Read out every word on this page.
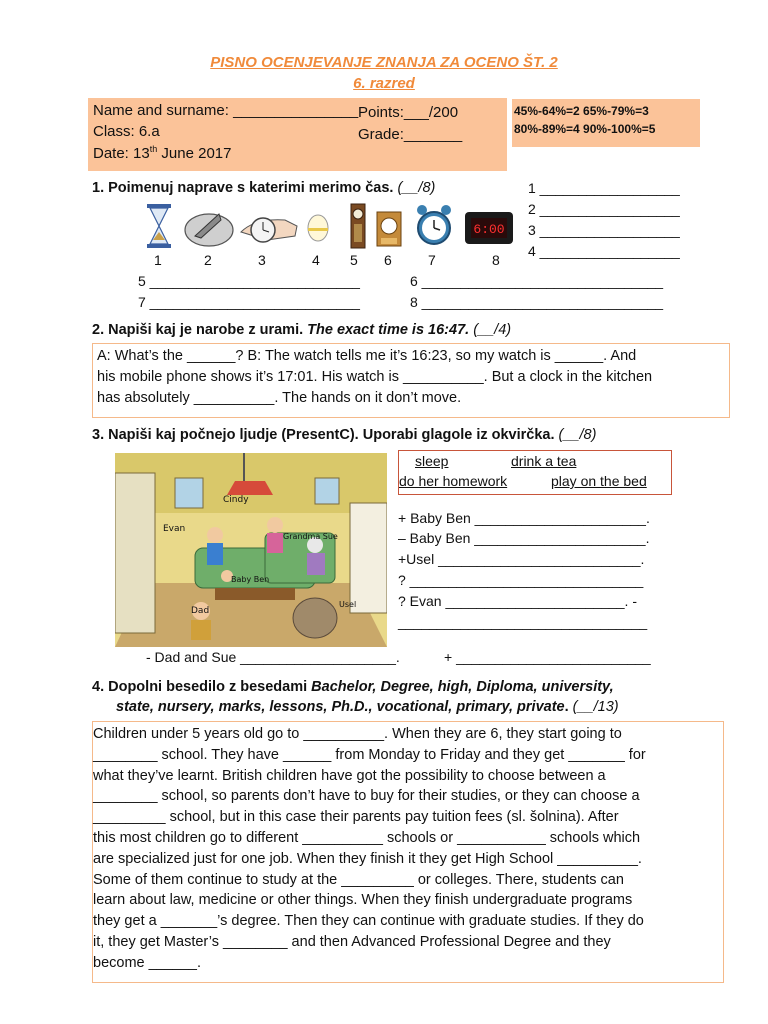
PISNO OCENJEVANJE ZNANJA ZA OCENO ŠT. 2
6. razred
Name and surname: _______________ Points:___/200
Class: 6.a	Grade:_______
Date: 13th June 2017
45%-64%=2 65%-79%=3
80%-89%=4 90%-100%=5
1. Poimenuj naprave s katerimi merimo čas. (__/8)
6:00
1	2	3	4 5 6	7	8
1 __________________
2 __________________
3 __________________
4 __________________
5 ___________________________
7 ___________________________
6 _______________________________
8 _______________________________
2. Napiši kaj je narobe z urami. The exact time is 16:47. (__/4)
A: What’s the ______? B: The watch tells me it’s 16:23, so my watch is ______. And
his mobile phone shows it’s 17:01. His watch is __________. But a clock in the kitchen
has absolutely __________. The hands on it don’t move.
3. Napiši kaj počnejo ljudje (PresentC). Uporabi glagole iz okvirčka. (__/8)
Cindy
Evan
Grandma Sue
Baby Ben
Dad
Usel
sleep	drink a tea
do her homework	play on the bed
+ Baby Ben ______________________.
– Baby Ben ______________________.
+Usel __________________________.
? ______________________________
? Evan _______________________. -
________________________________
- Dad and Sue ____________________.	+ _________________________
4. Dopolni besedilo z besedami Bachelor, Degree, high, Diploma, university,
state, nursery, marks, lessons, Ph.D., vocational, primary, private. (__/13)
Children under 5 years old go to __________. When they are 6, they start going to
________ school. They have ______ from Monday to Friday and they get _______ for
what they’ve learnt. British children have got the possibility to choose between a
________ school, so parents don’t have to buy for their studies, or they can choose a
_________ school, but in this case their parents pay tuition fees (sl. šolnina). After
this most children go to different __________ schools or ___________ schools which
are specialized just for one job. When they finish it they get High School __________.
Some of them continue to study at the _________ or colleges. There, students can
learn about law, medicine or other things. When they finish undergraduate programs
they get a _______’s degree. Then they can continue with graduate studies. If they do
it, they get Master’s ________ and then Advanced Professional Degree and they
become ______.
